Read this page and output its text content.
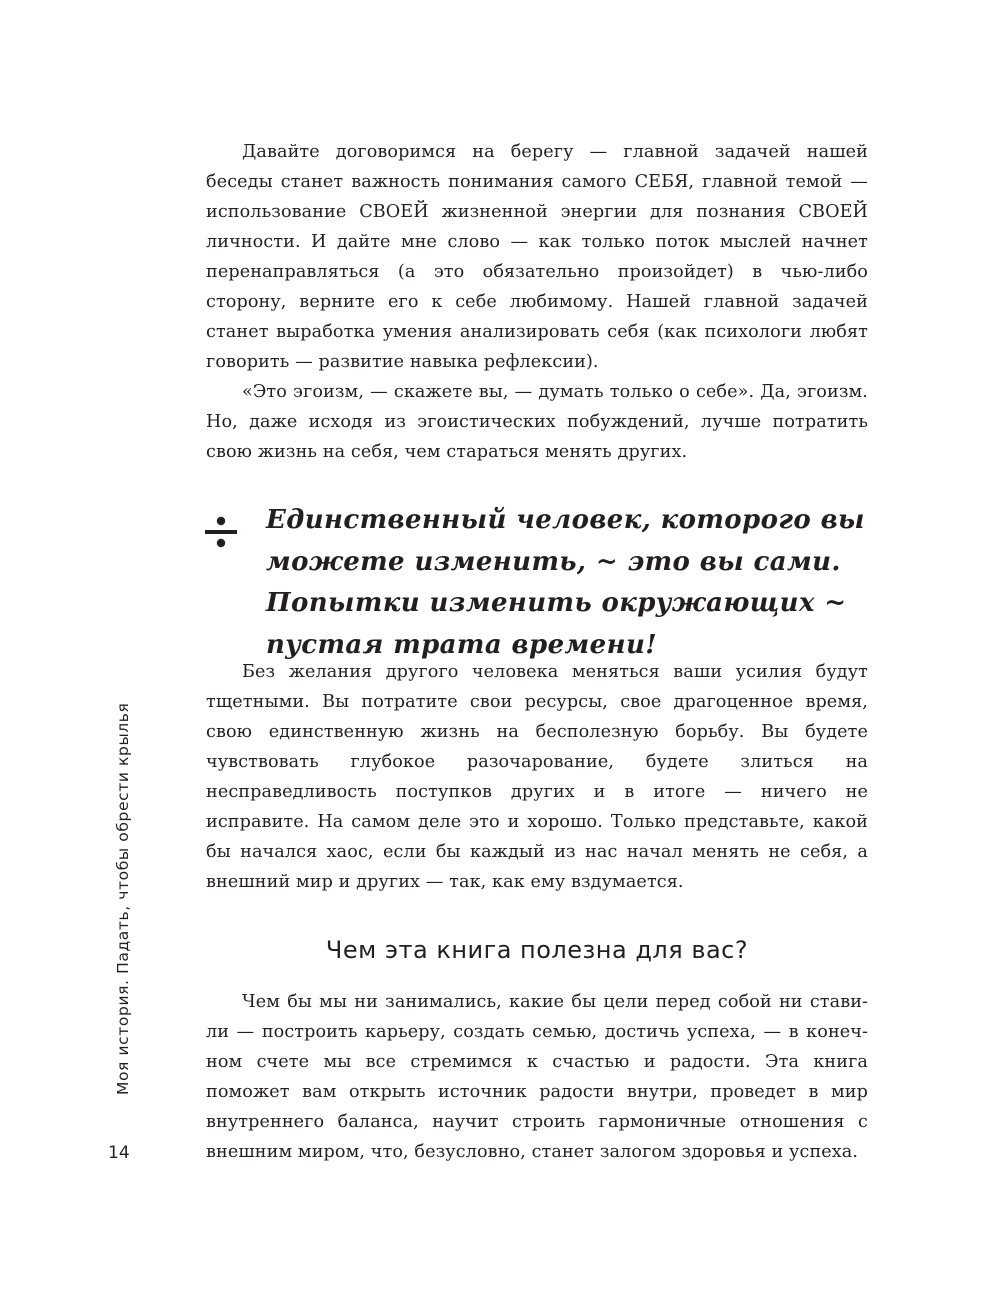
Моя история. Падать, чтобы обрести крылья
14

Давайте договоримся на берегу — главной задачей нашей беседы станет важность понимания самого СЕБЯ, главной темой — использование СВОЕЙ жизненной энергии для познания СВОЕЙ личности. И дайте мне слово — как только поток мыслей начнет перенаправляться (а это обязательно произойдет) в чью-либо сторону, верните его к себе любимому. Нашей главной задачей станет выработка умения анализировать себя (как психологи любят говорить — развитие навыка рефлексии).

«Это эгоизм, — скажете вы, — думать только о себе». Да, эгоизм. Но, даже исходя из эгоистических побуждений, лучше потратить свою жизнь на себя, чем стараться менять других.

Единственный человек, которого вы можете изменить, ~ это вы сами. Попытки изменить окружающих ~ пустая трата времени!

Без желания другого человека меняться ваши усилия будут тщетными. Вы потратите свои ресурсы, свое драгоценное время, свою единственную жизнь на бесполезную борьбу. Вы будете чувствовать глубокое разочарование, будете злиться на несправедливость поступков других и в итоге — ничего не исправите. На самом деле это и хорошо. Только представьте, какой бы начался хаос, если бы каждый из нас начал менять не себя, а внешний мир и других — так, как ему вздумается.

Чем эта книга полезна для вас?

Чем бы мы ни занимались, какие бы цели перед собой ни ставили — построить карьеру, создать семью, достичь успеха, — в конечном счете мы все стремимся к счастью и радости. Эта книга поможет вам открыть источник радости внутри, проведет в мир внутреннего баланса, научит строить гармоничные отношения с внешним миром, что, безусловно, станет залогом здоровья и успеха.
